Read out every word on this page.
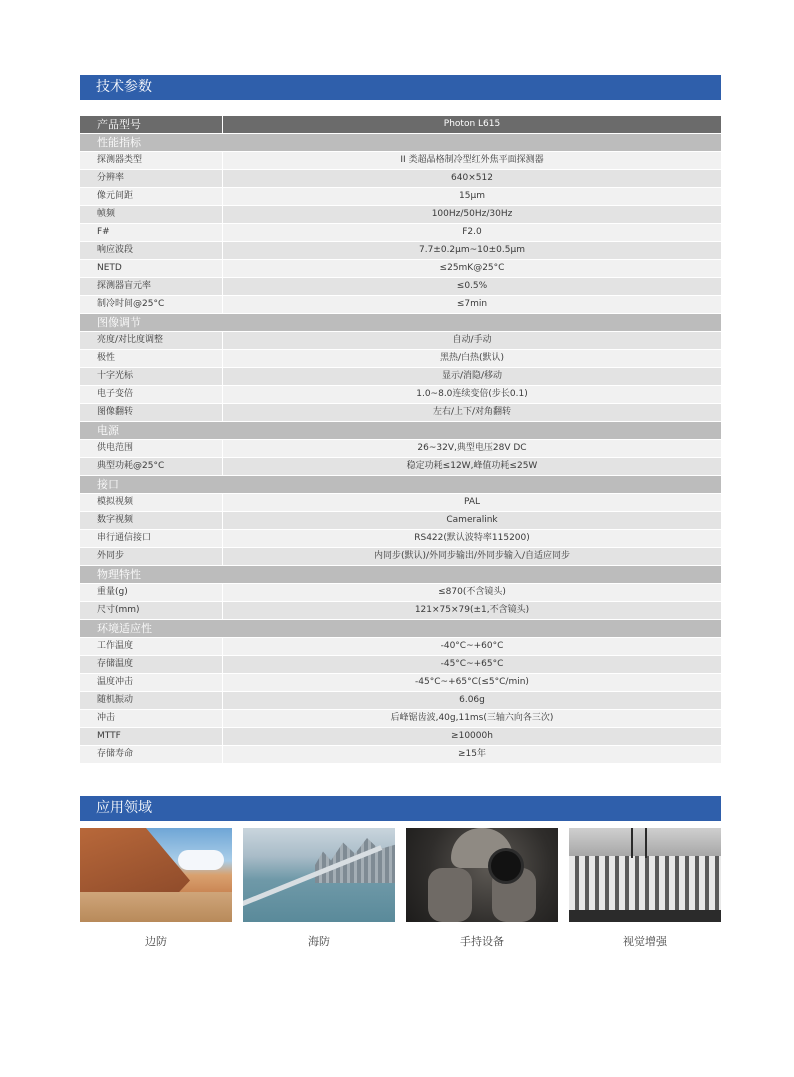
技术参数
产品型号	Photon L615
性能指标
探测器类型	II 类超晶格制冷型红外焦平面探测器
分辨率	640×512
像元间距	15μm
帧频	100Hz/50Hz/30Hz
F#	F2.0
响应波段	7.7±0.2μm~10±0.5μm
NETD	≤25mK@25°C
探测器盲元率	≤0.5%
制冷时间@25°C	≤7min
图像调节
亮度/对比度调整	自动/手动
极性	黑热/白热(默认)
十字光标	显示/消隐/移动
电子变倍	1.0~8.0连续变倍(步长0.1)
图像翻转	左右/上下/对角翻转
电源
供电范围	26~32V,典型电压28V DC
典型功耗@25°C	稳定功耗≤12W,峰值功耗≤25W
接口
模拟视频	PAL
数字视频	Cameralink
串行通信接口	RS422(默认波特率115200)
外同步	内同步(默认)/外同步输出/外同步输入/自适应同步
物理特性
重量(g)	≤870(不含镜头)
尺寸(mm)	121×75×79(±1,不含镜头)
环境适应性
工作温度	-40°C~+60°C
存储温度	-45°C~+65°C
温度冲击	-45°C~+65°C(≤5°C/min)
随机振动	6.06g
冲击	后峰锯齿波,40g,11ms(三轴六向各三次)
MTTF	≥10000h
存储寿命	≥15年
应用领域
边防	海防	手持设备	视觉增强
